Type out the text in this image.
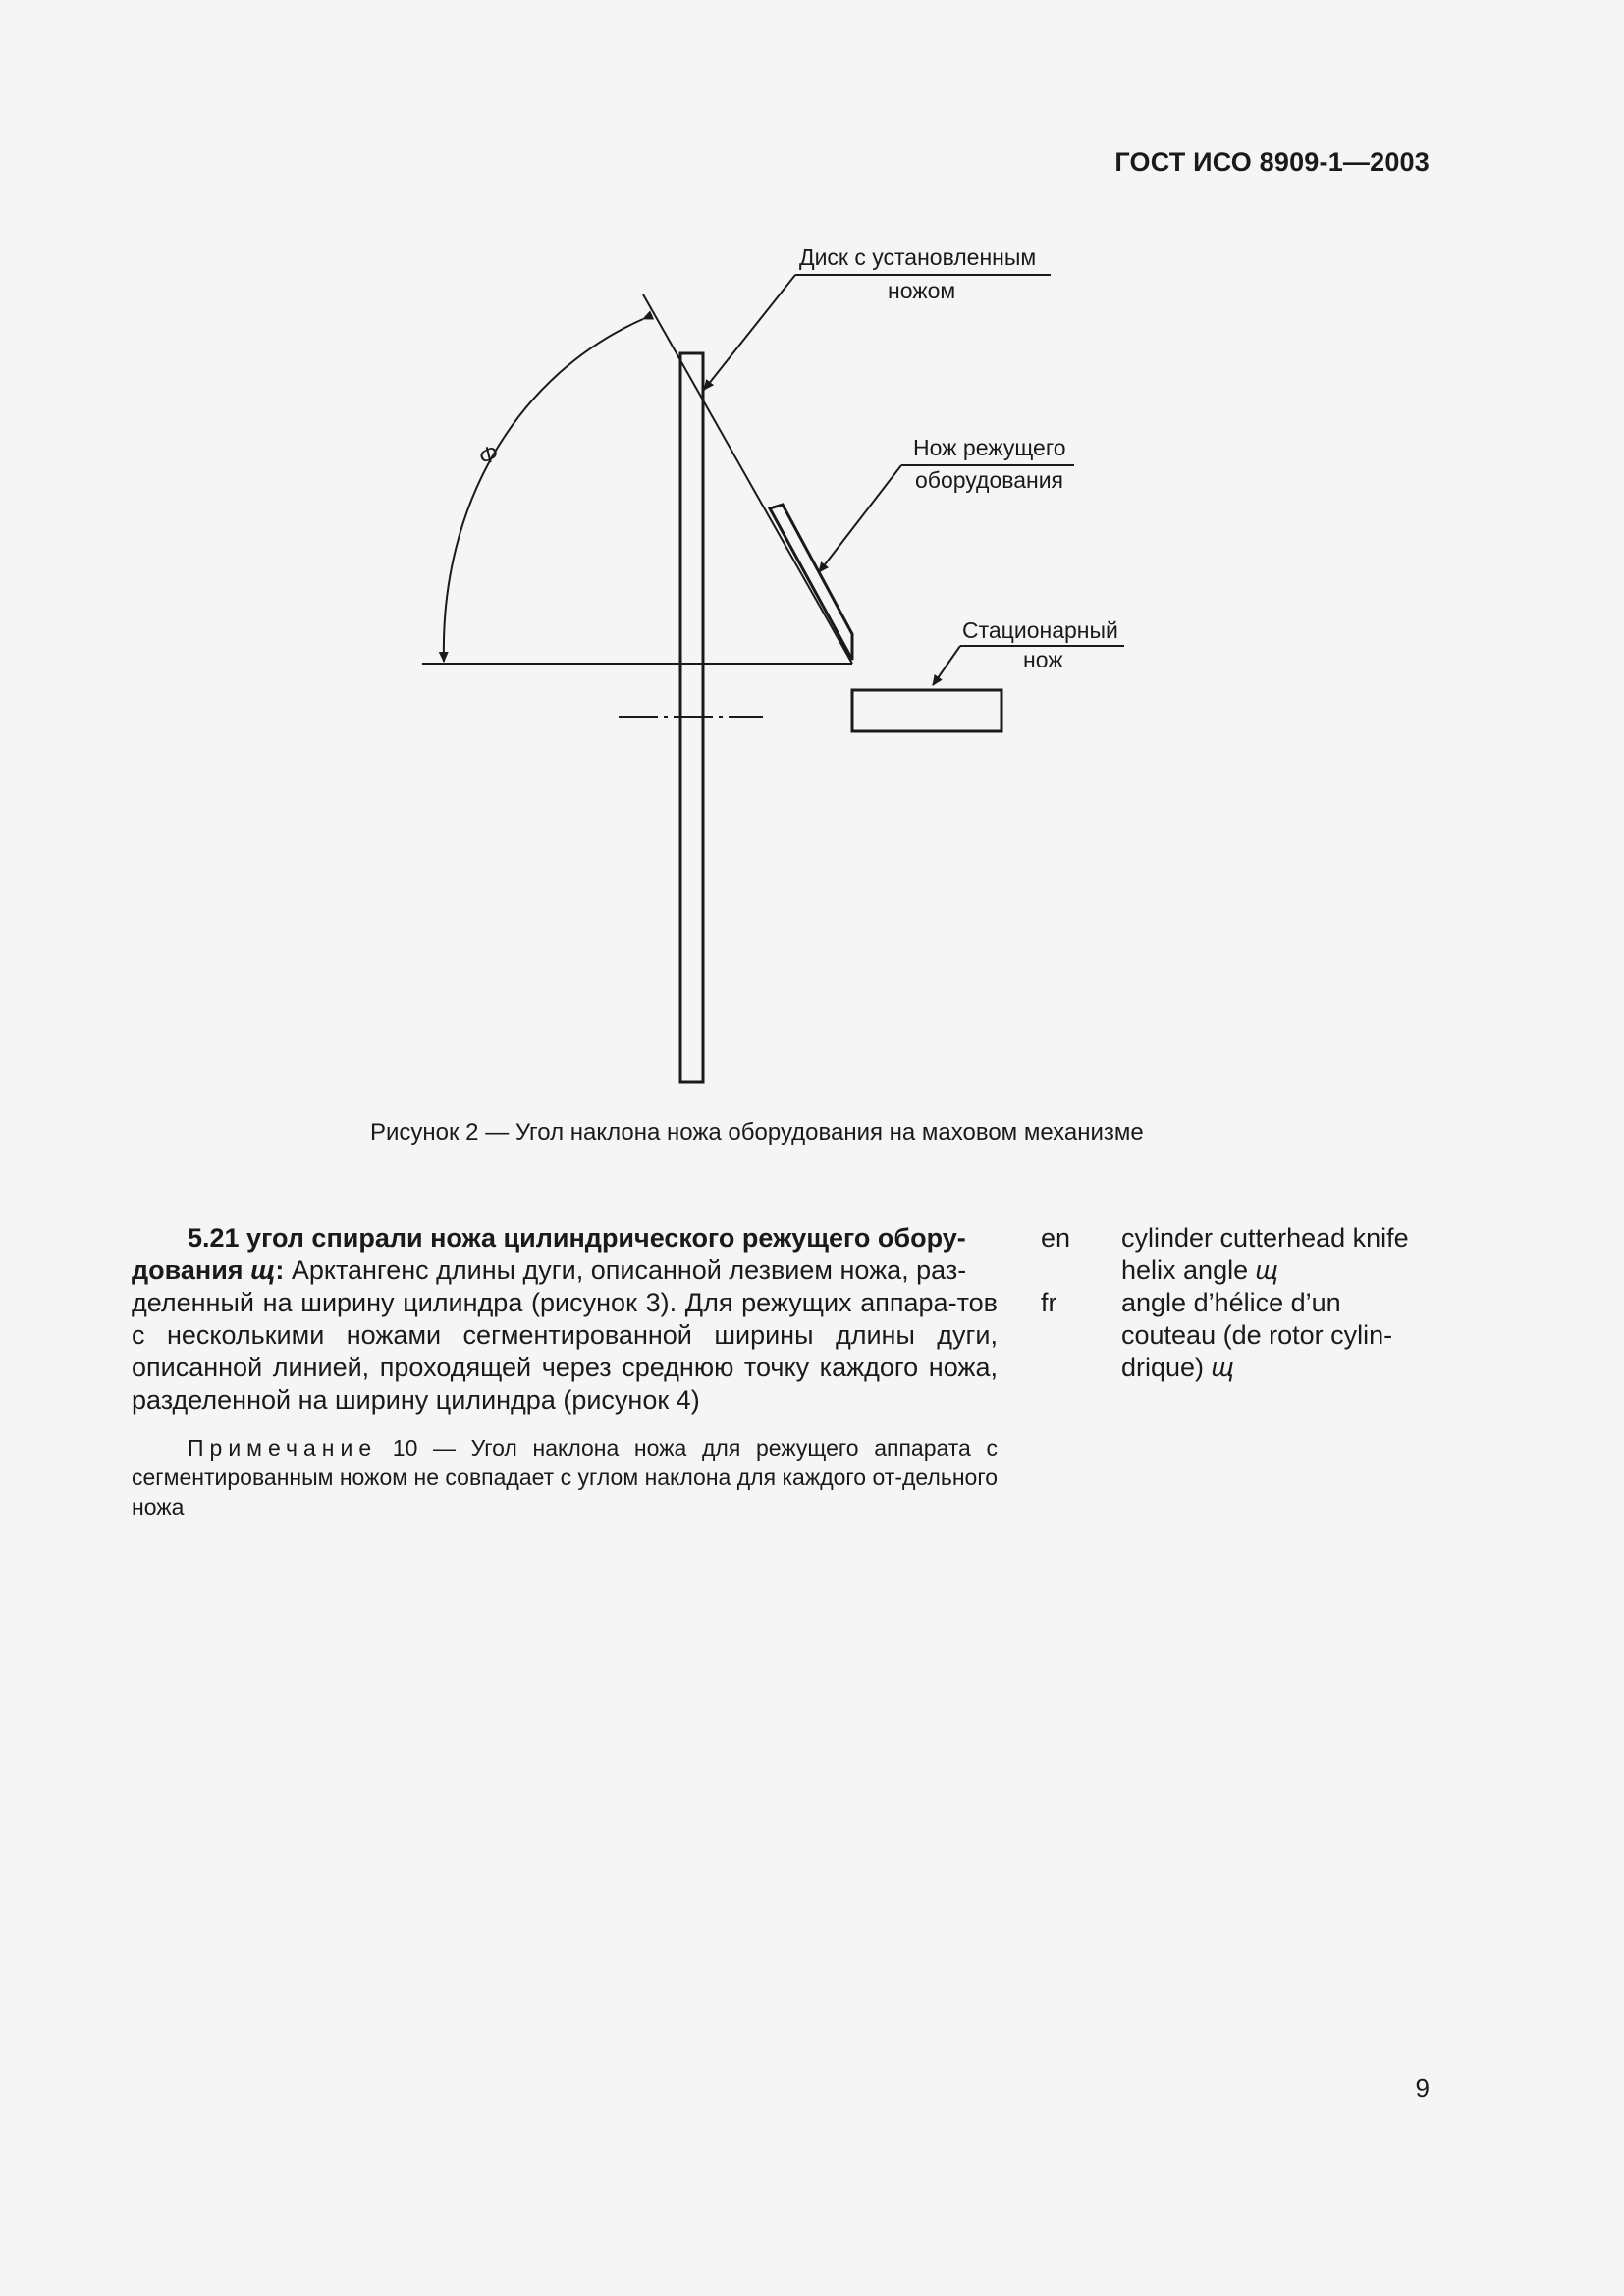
ГОСТ ИСО 8909-1—2003
Φ
Диск с установленным
ножом
Нож режущего
оборудования
Стационарный
нож
Рисунок 2 — Угол наклона ножа оборудования на маховом механизме
5.21 угол спирали ножа цилиндрического режущего обору-
дования щ: Арктангенс длины дуги, описанной лезвием ножа, раз-
деленный на ширину цилиндра (рисунок 3). Для режущих аппара-тов с несколькими ножами сегментированной ширины длины дуги, описанной линией, проходящей через среднюю точку каждого ножа, разделенной на ширину цилиндра (рисунок 4)
Примечание 10 — Угол наклона ножа для режущего аппарата с сегментированным ножом не совпадает с углом наклона для каждого от-дельного ножа
en
fr
cylinder cutterhead knife helix angle щ
angle d’hélice d’un couteau (de rotor cylin-drique) щ
9
